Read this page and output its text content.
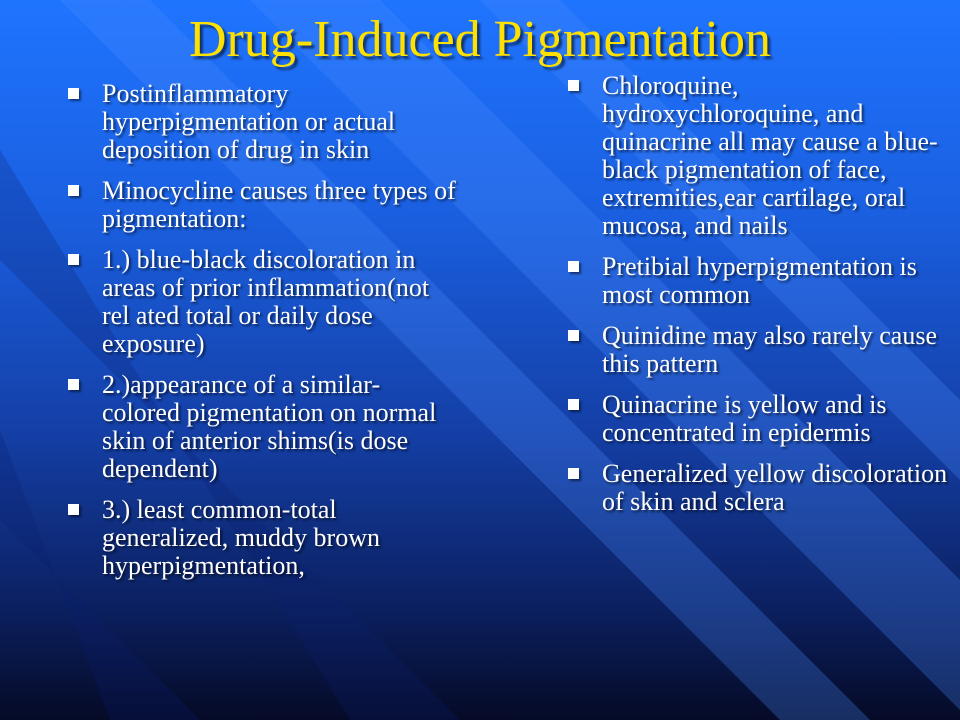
Drug-Induced Pigmentation
Postinflammatory hyperpigmentation or actual deposition of drug in skin
Minocycline causes three types of pigmentation:
1.) blue-black discoloration in areas of prior inflammation(not rel ated total or daily dose exposure)
2.)appearance of a similar-colored pigmentation on normal skin of anterior shims(is dose dependent)
3.) least common-total generalized, muddy brown hyperpigmentation,
Chloroquine, hydroxychloroquine, and quinacrine all may cause a blue-black pigmentation of face, extremities,ear cartilage, oral mucosa, and nails
Pretibial hyperpigmentation is most common
Quinidine may also rarely cause this pattern
Quinacrine is yellow and is concentrated in epidermis
Generalized yellow discoloration of skin and sclera
